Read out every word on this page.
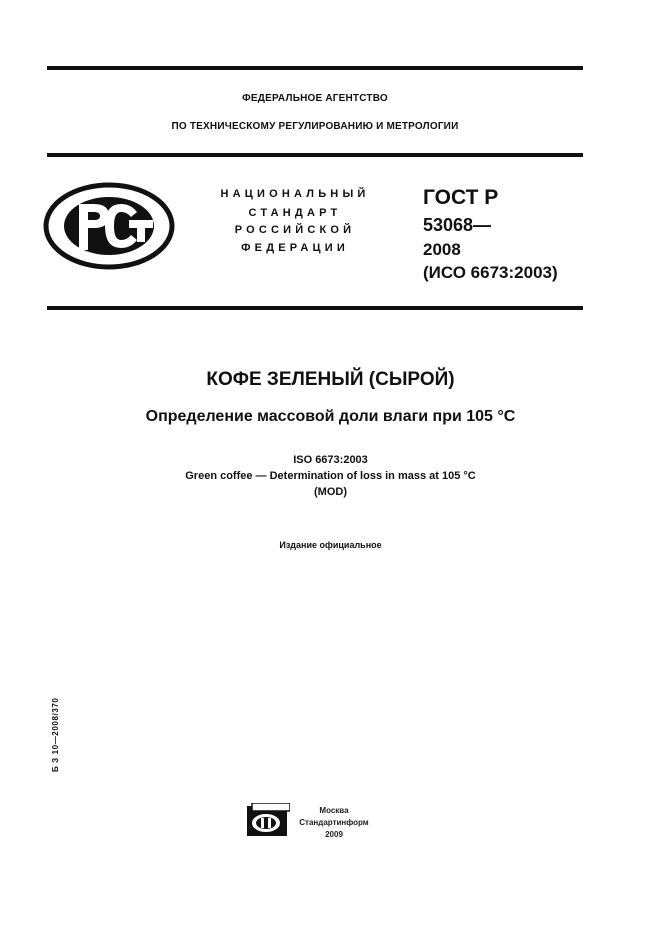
ФЕДЕРАЛЬНОЕ АГЕНТСТВО
ПО ТЕХНИЧЕСКОМУ РЕГУЛИРОВАНИЮ И МЕТРОЛОГИИ
НАЦИОНАЛЬНЫЙ
СТАНДАРТ
РОССИЙСКОЙ
ФЕДЕРАЦИИ
ГОСТ Р
53068—
2008
(ИСО 6673:2003)
КОФЕ ЗЕЛЕНЫЙ (СЫРОЙ)
Определение массовой доли влаги при 105 °С
ISO 6673:2003
Green coffee — Determination of loss in mass at 105 °C
(MOD)
Издание официальное
Б З 10—2008/370
Москва
Стандартинформ
2009
